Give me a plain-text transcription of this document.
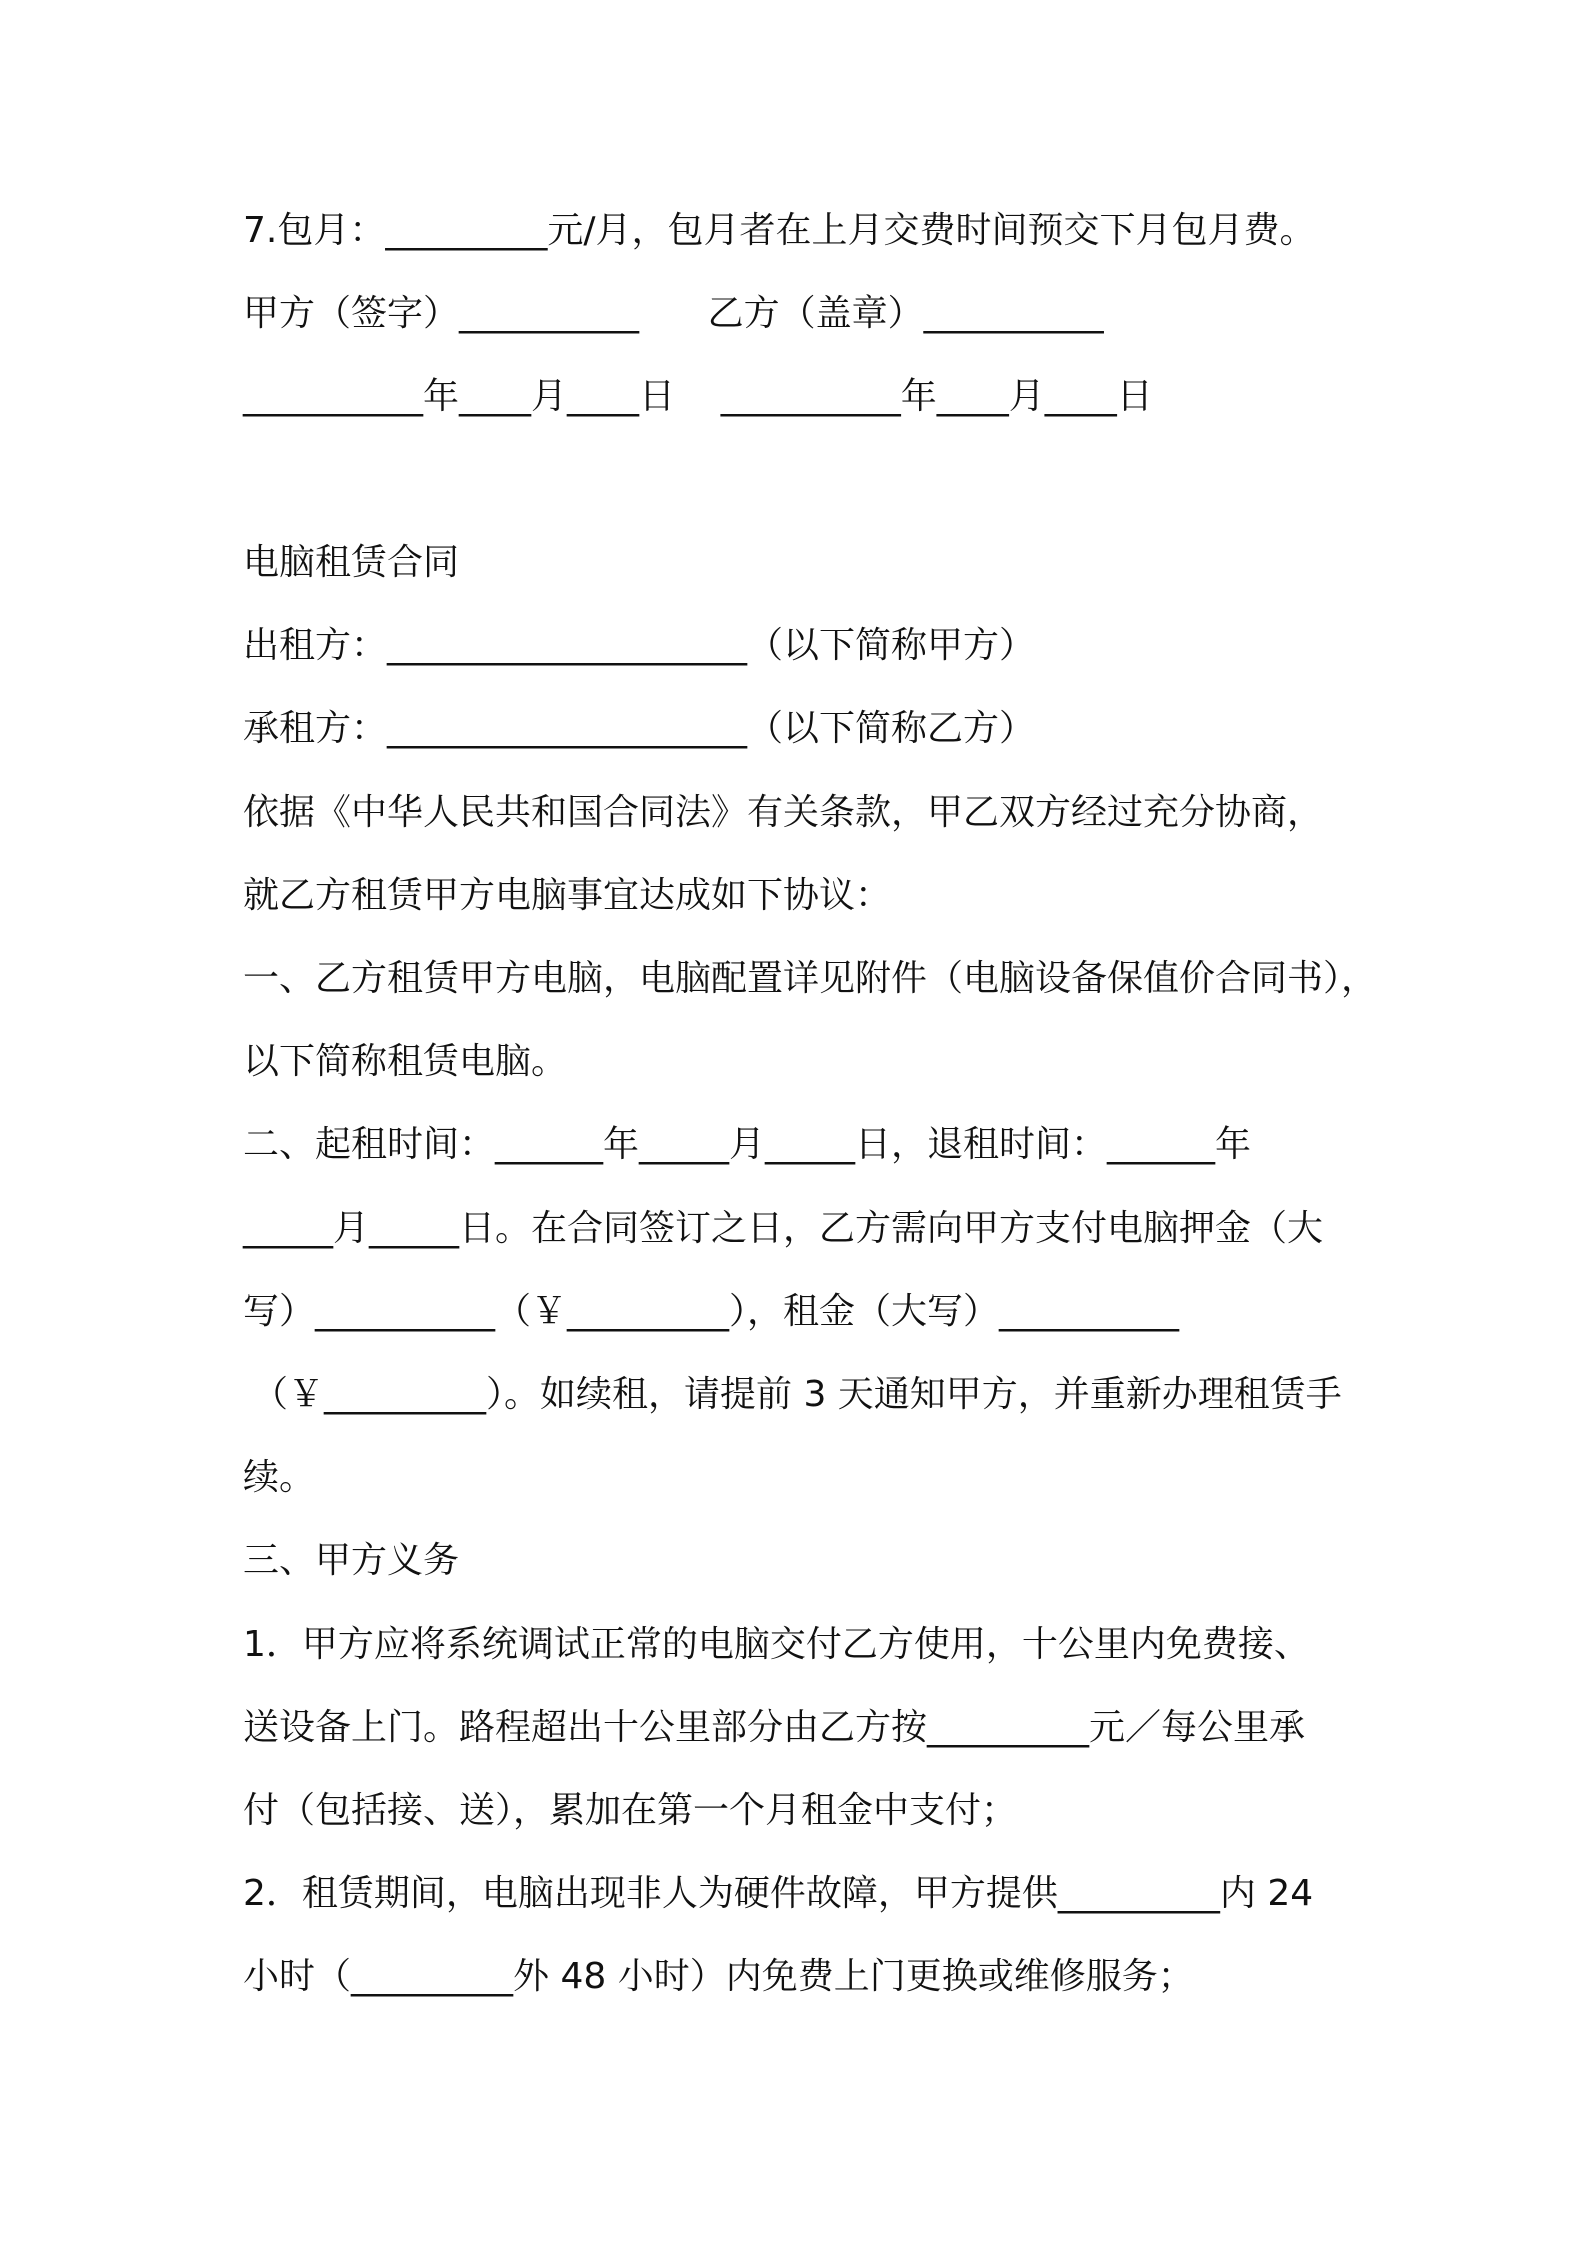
7.包月：_________元/月，包月者在上月交费时间预交下月包月费。
甲方（签字）__________      乙方（盖章）__________
__________年____月____日    __________年____月____日
电脑租赁合同
出租方：____________________（以下简称甲方）
承租方：____________________（以下简称乙方）
依据《中华人民共和国合同法》有关条款，甲乙双方经过充分协商，
就乙方租赁甲方电脑事宜达成如下协议：
一、乙方租赁甲方电脑，电脑配置详见附件（电脑设备保值价合同书），
以下简称租赁电脑。
二、起租时间：______年_____月_____日，退租时间：______年
_____月_____日。在合同签订之日，乙方需向甲方支付电脑押金（大
写）__________（￥_________），租金（大写）__________
（￥_________）。如续租，请提前 3 天通知甲方，并重新办理租赁手
续。
三、甲方义务
1．甲方应将系统调试正常的电脑交付乙方使用，十公里内免费接、
送设备上门。路程超出十公里部分由乙方按_________元／每公里承
付（包括接、送），累加在第一个月租金中支付；
2．租赁期间，电脑出现非人为硬件故障，甲方提供_________内 24
小时（_________外 48 小时）内免费上门更换或维修服务；
